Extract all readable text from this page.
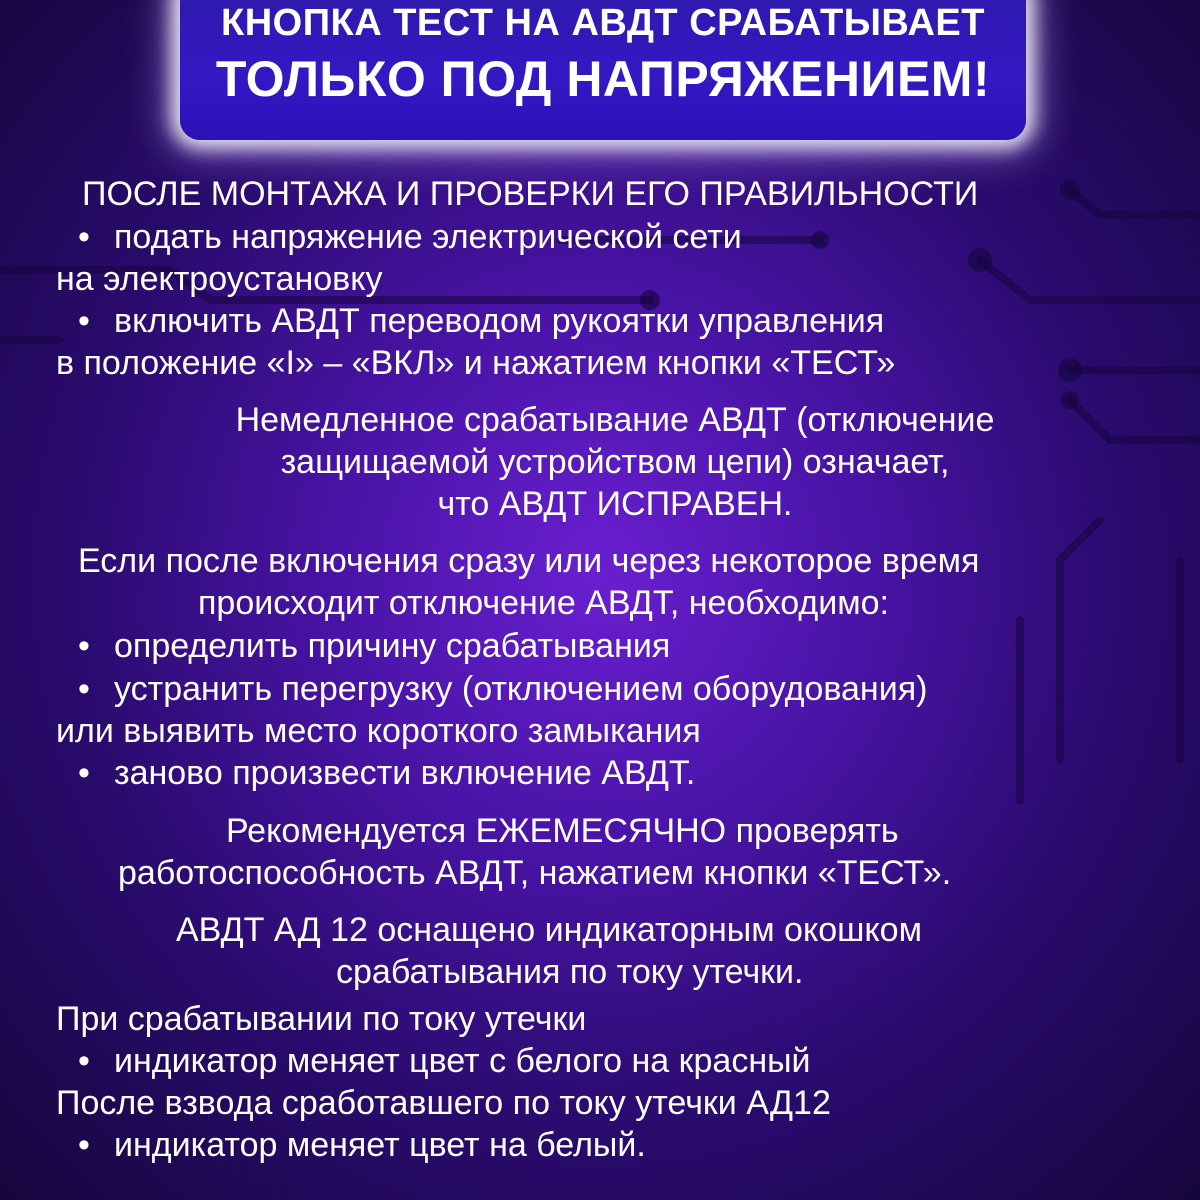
КНОПКА ТЕСТ НА АВДТ СРАБАТЫВАЕТ
ТОЛЬКО ПОД НАПРЯЖЕНИЕМ!
ПОСЛЕ МОНТАЖА И ПРОВЕРКИ ЕГО ПРАВИЛЬНОСТИ
• подать напряжение электрической сети
на электроустановку
• включить АВДТ переводом рукоятки управления
в положение «I» – «ВКЛ» и нажатием кнопки «ТЕСТ»
Немедленное срабатывание АВДТ (отключение
защищаемой устройством цепи) означает,
что АВДТ ИСПРАВЕН.
Если после включения сразу или через некоторое время
происходит отключение АВДТ, необходимо:
• определить причину срабатывания
• устранить перегрузку (отключением оборудования)
или выявить место короткого замыкания
• заново произвести включение АВДТ.
Рекомендуется ЕЖЕМЕСЯЧНО проверять
работоспособность АВДТ, нажатием кнопки «ТЕСТ».
АВДТ АД 12 оснащено индикаторным окошком
срабатывания по току утечки.
При срабатывании по току утечки
• индикатор меняет цвет с белого на красный
После взвода сработавшего по току утечки АД12
• индикатор меняет цвет на белый.
